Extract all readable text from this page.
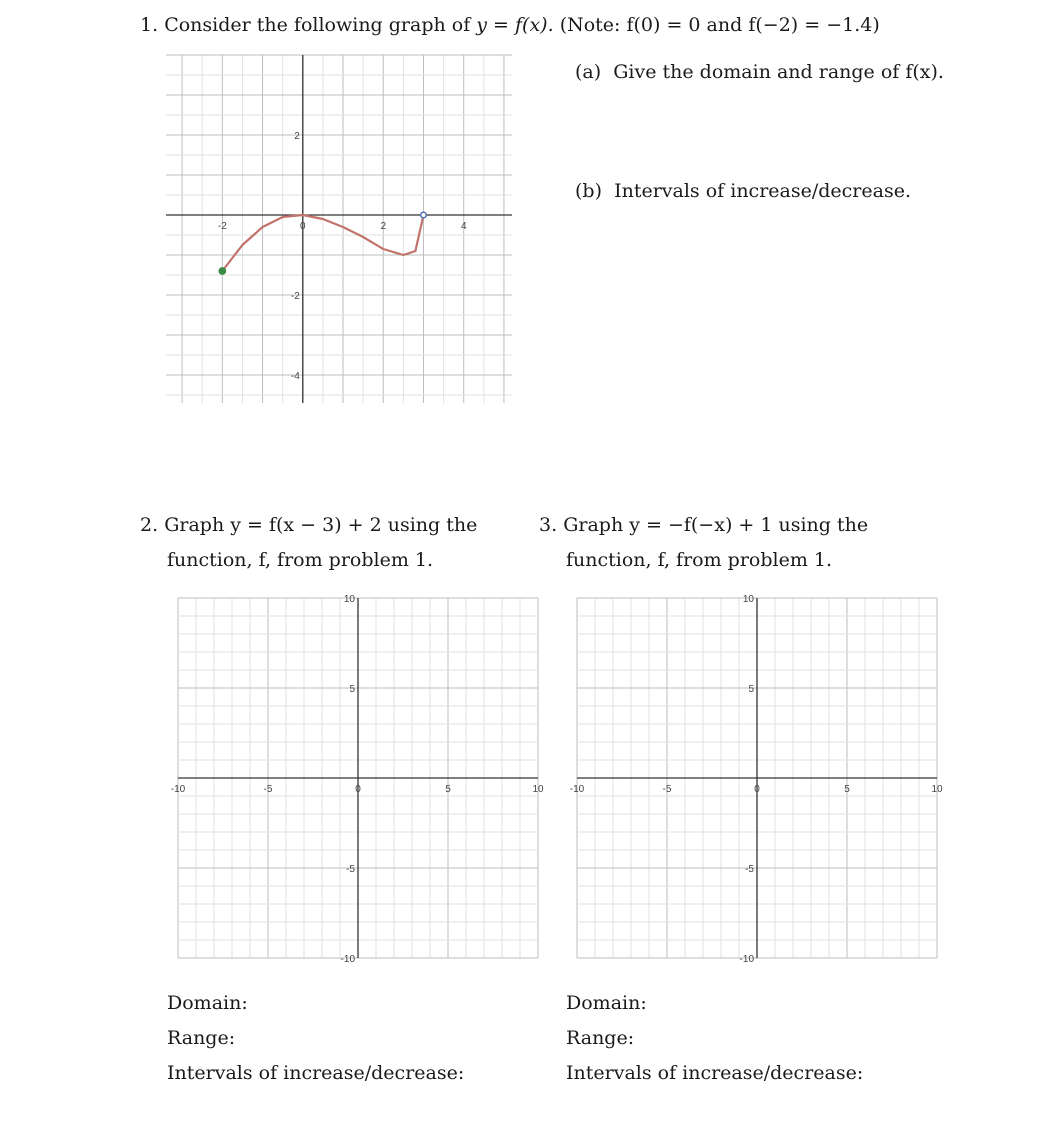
1. Consider the following graph of y = f(x). (Note: f(0) = 0 and f(−2) = −1.4)
(a) Give the domain and range of f(x).
(b) Intervals of increase/decrease.
-2	0	2	4
2
-2
-4
2. Graph y = f(x − 3) + 2 using the
function, f, from problem 1.
-10	-5	0	5	10
10
5
-5
-10
Domain:
Range:
Intervals of increase/decrease:
3. Graph y = −f(−x) + 1 using the
function, f, from problem 1.
-10	-5	0	5	10
10
5
-5
-10
Domain:
Range:
Intervals of increase/decrease:
